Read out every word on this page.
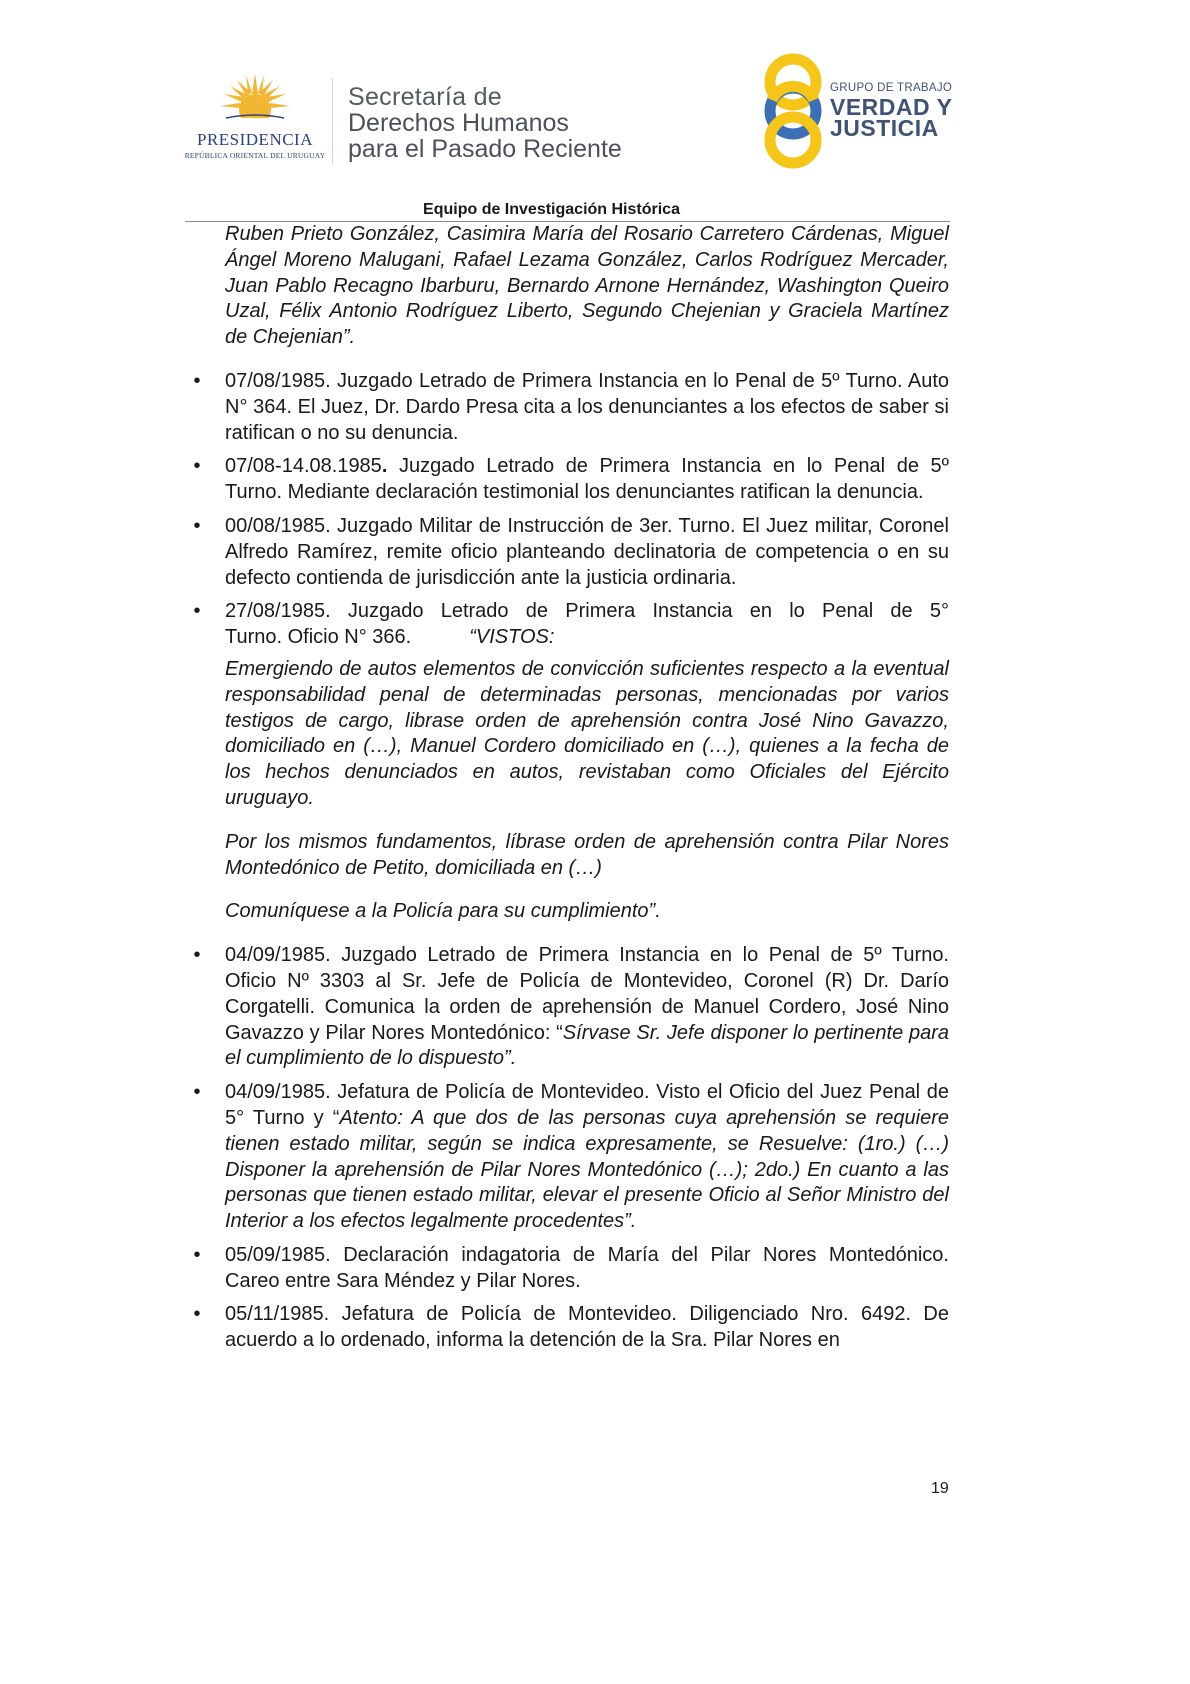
PRESIDENCIA
REPÚBLICA ORIENTAL DEL URUGUAY
Secretaría de
Derechos Humanos
para el Pasado Reciente
GRUPO DE TRABAJO
VERDAD Y
JUSTICIA
Equipo de Investigación Histórica

Ruben Prieto González, Casimira María del Rosario Carretero Cárdenas, Miguel Ángel Moreno Malugani, Rafael Lezama González, Carlos Rodríguez Mercader, Juan Pablo Recagno Ibarburu, Bernardo Arnone Hernández, Washington Queiro Uzal, Félix Antonio Rodríguez Liberto, Segundo Chejenian y Graciela Martínez de Chejenian”.

• 07/08/1985. Juzgado Letrado de Primera Instancia en lo Penal de 5º Turno. Auto N° 364. El Juez, Dr. Dardo Presa cita a los denunciantes a los efectos de saber si ratifican o no su denuncia.
• 07/08-14.08.1985. Juzgado Letrado de Primera Instancia en lo Penal de 5º Turno. Mediante declaración testimonial los denunciantes ratifican la denuncia.
• 00/08/1985. Juzgado Militar de Instrucción de 3er. Turno. El Juez militar, Coronel Alfredo Ramírez, remite oficio planteando declinatoria de competencia o en su defecto contienda de jurisdicción ante la justicia ordinaria.
• 27/08/1985. Juzgado Letrado de Primera Instancia en lo Penal de 5°
Turno. Oficio N° 366.	“VISTOS:

Emergiendo de autos elementos de convicción suficientes respecto a la eventual responsabilidad penal de determinadas personas, mencionadas por varios testigos de cargo, librase orden de aprehensión contra José Nino Gavazzo, domiciliado en (…), Manuel Cordero domiciliado en (…), quienes a la fecha de los hechos denunciados en autos, revistaban como Oficiales del Ejército uruguayo.

Por los mismos fundamentos, líbrase orden de aprehensión contra Pilar Nores Montedónico de Petito, domiciliada en (…)

Comuníquese a la Policía para su cumplimiento”.

• 04/09/1985. Juzgado Letrado de Primera Instancia en lo Penal de 5º Turno. Oficio Nº 3303 al Sr. Jefe de Policía de Montevideo, Coronel (R) Dr. Darío Corgatelli. Comunica la orden de aprehensión de Manuel Cordero, José Nino Gavazzo y Pilar Nores Montedónico: “Sírvase Sr. Jefe disponer lo pertinente para el cumplimiento de lo dispuesto”.
• 04/09/1985. Jefatura de Policía de Montevideo. Visto el Oficio del Juez Penal de 5° Turno y “Atento: A que dos de las personas cuya aprehensión se requiere tienen estado militar, según se indica expresamente, se Resuelve: (1ro.) (…) Disponer la aprehensión de Pilar Nores Montedónico (…); 2do.) En cuanto a las personas que tienen estado militar, elevar el presente Oficio al Señor Ministro del Interior a los efectos legalmente procedentes”.
• 05/09/1985. Declaración indagatoria de María del Pilar Nores Montedónico. Careo entre Sara Méndez y Pilar Nores.
• 05/11/1985. Jefatura de Policía de Montevideo. Diligenciado Nro. 6492. De acuerdo a lo ordenado, informa la detención de la Sra. Pilar Nores en
19
